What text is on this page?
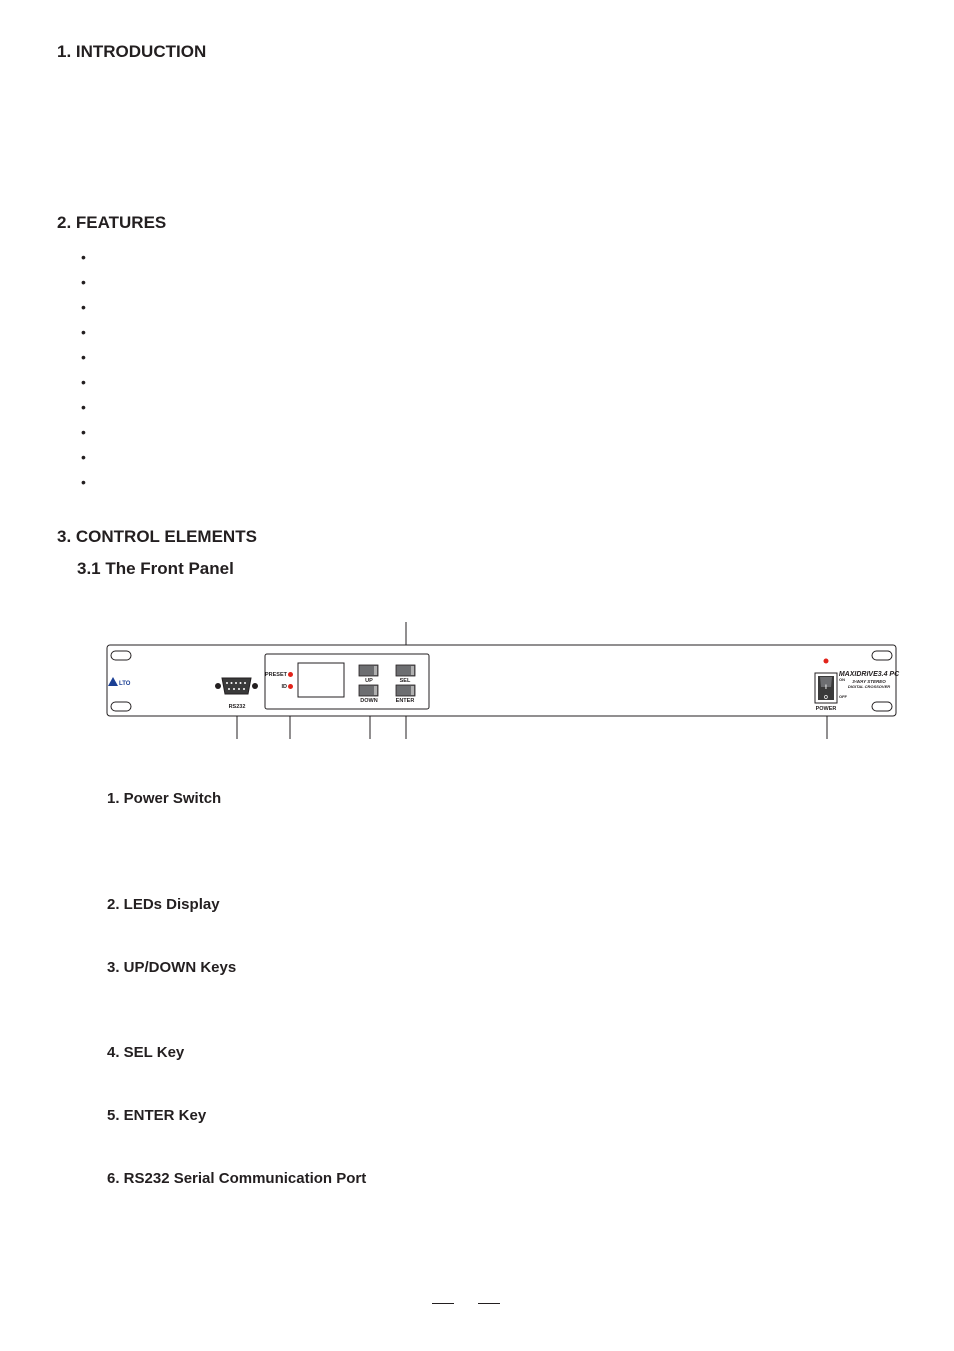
1. INTRODUCTION
2. FEATURES
•
•
•
•
•
•
•
•
•
•
3. CONTROL ELEMENTS
3.1 The Front Panel
LTO
RS232
PRESET
ID
UP
DOWN
SEL
ENTER
I
O
ON
OFF
POWER
MAXIDRIVE3.4 PC
3-WAY STEREO
DIGITAL CROSSOVER
1. Power Switch
2. LEDs Display
3. UP/DOWN Keys
4. SEL Key
5. ENTER Key
6. RS232 Serial Communication Port
